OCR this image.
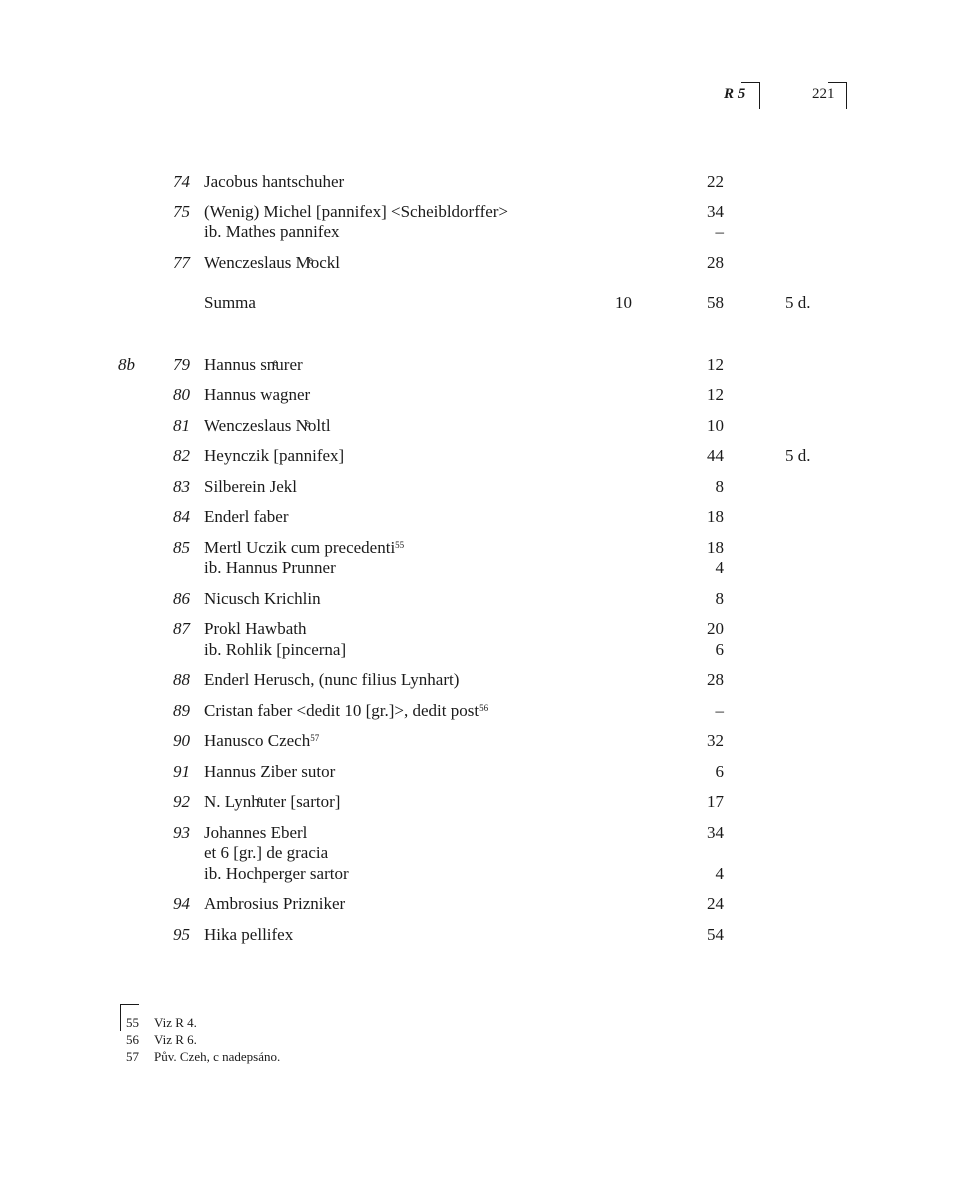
R 5	221
74 Jacobus hantschuher	22
75 (Wenig) Michel [pannifex] <Scheibldorffer>	34
ib. Mathes pannifex	–
77 Wenczeslaus Mͤockl	28
Summa	10	58	5 d.
8b	79 Hannus snͤurer	12
80 Hannus wagner	12
81 Wenczeslaus Nͤoltl	10
82 Heynczik [pannifex]	44	5 d.
83 Silberein Jekl	8
84 Enderl faber	18
85 Mertl Uczik cum precedenti$^{55}$	18
ib. Hannus Prunner	4
86 Nicusch Krichlin	8
87 Prokl Hawbath	20
ib. Rohlik [pincerna]	6
88 Enderl Herusch, (nunc filius Lynhart)	28
89 Cristan faber <dedit 10 [gr.]>, dedit post$^{56}$	–
90 Hanusco Czech$^{57}$	32
91 Hannus Ziber sutor	6
92 N. Lynhͤuter [sartor]	17
93 Johannes Eberl	34
et 6 [gr.] de gracia
ib. Hochperger sartor	4
94 Ambrosius Prizniker	24
95 Hika pellifex	54
55	Viz R 4.
56	Viz R 6.
57	Pův. Czeh, c nadepsáno.
